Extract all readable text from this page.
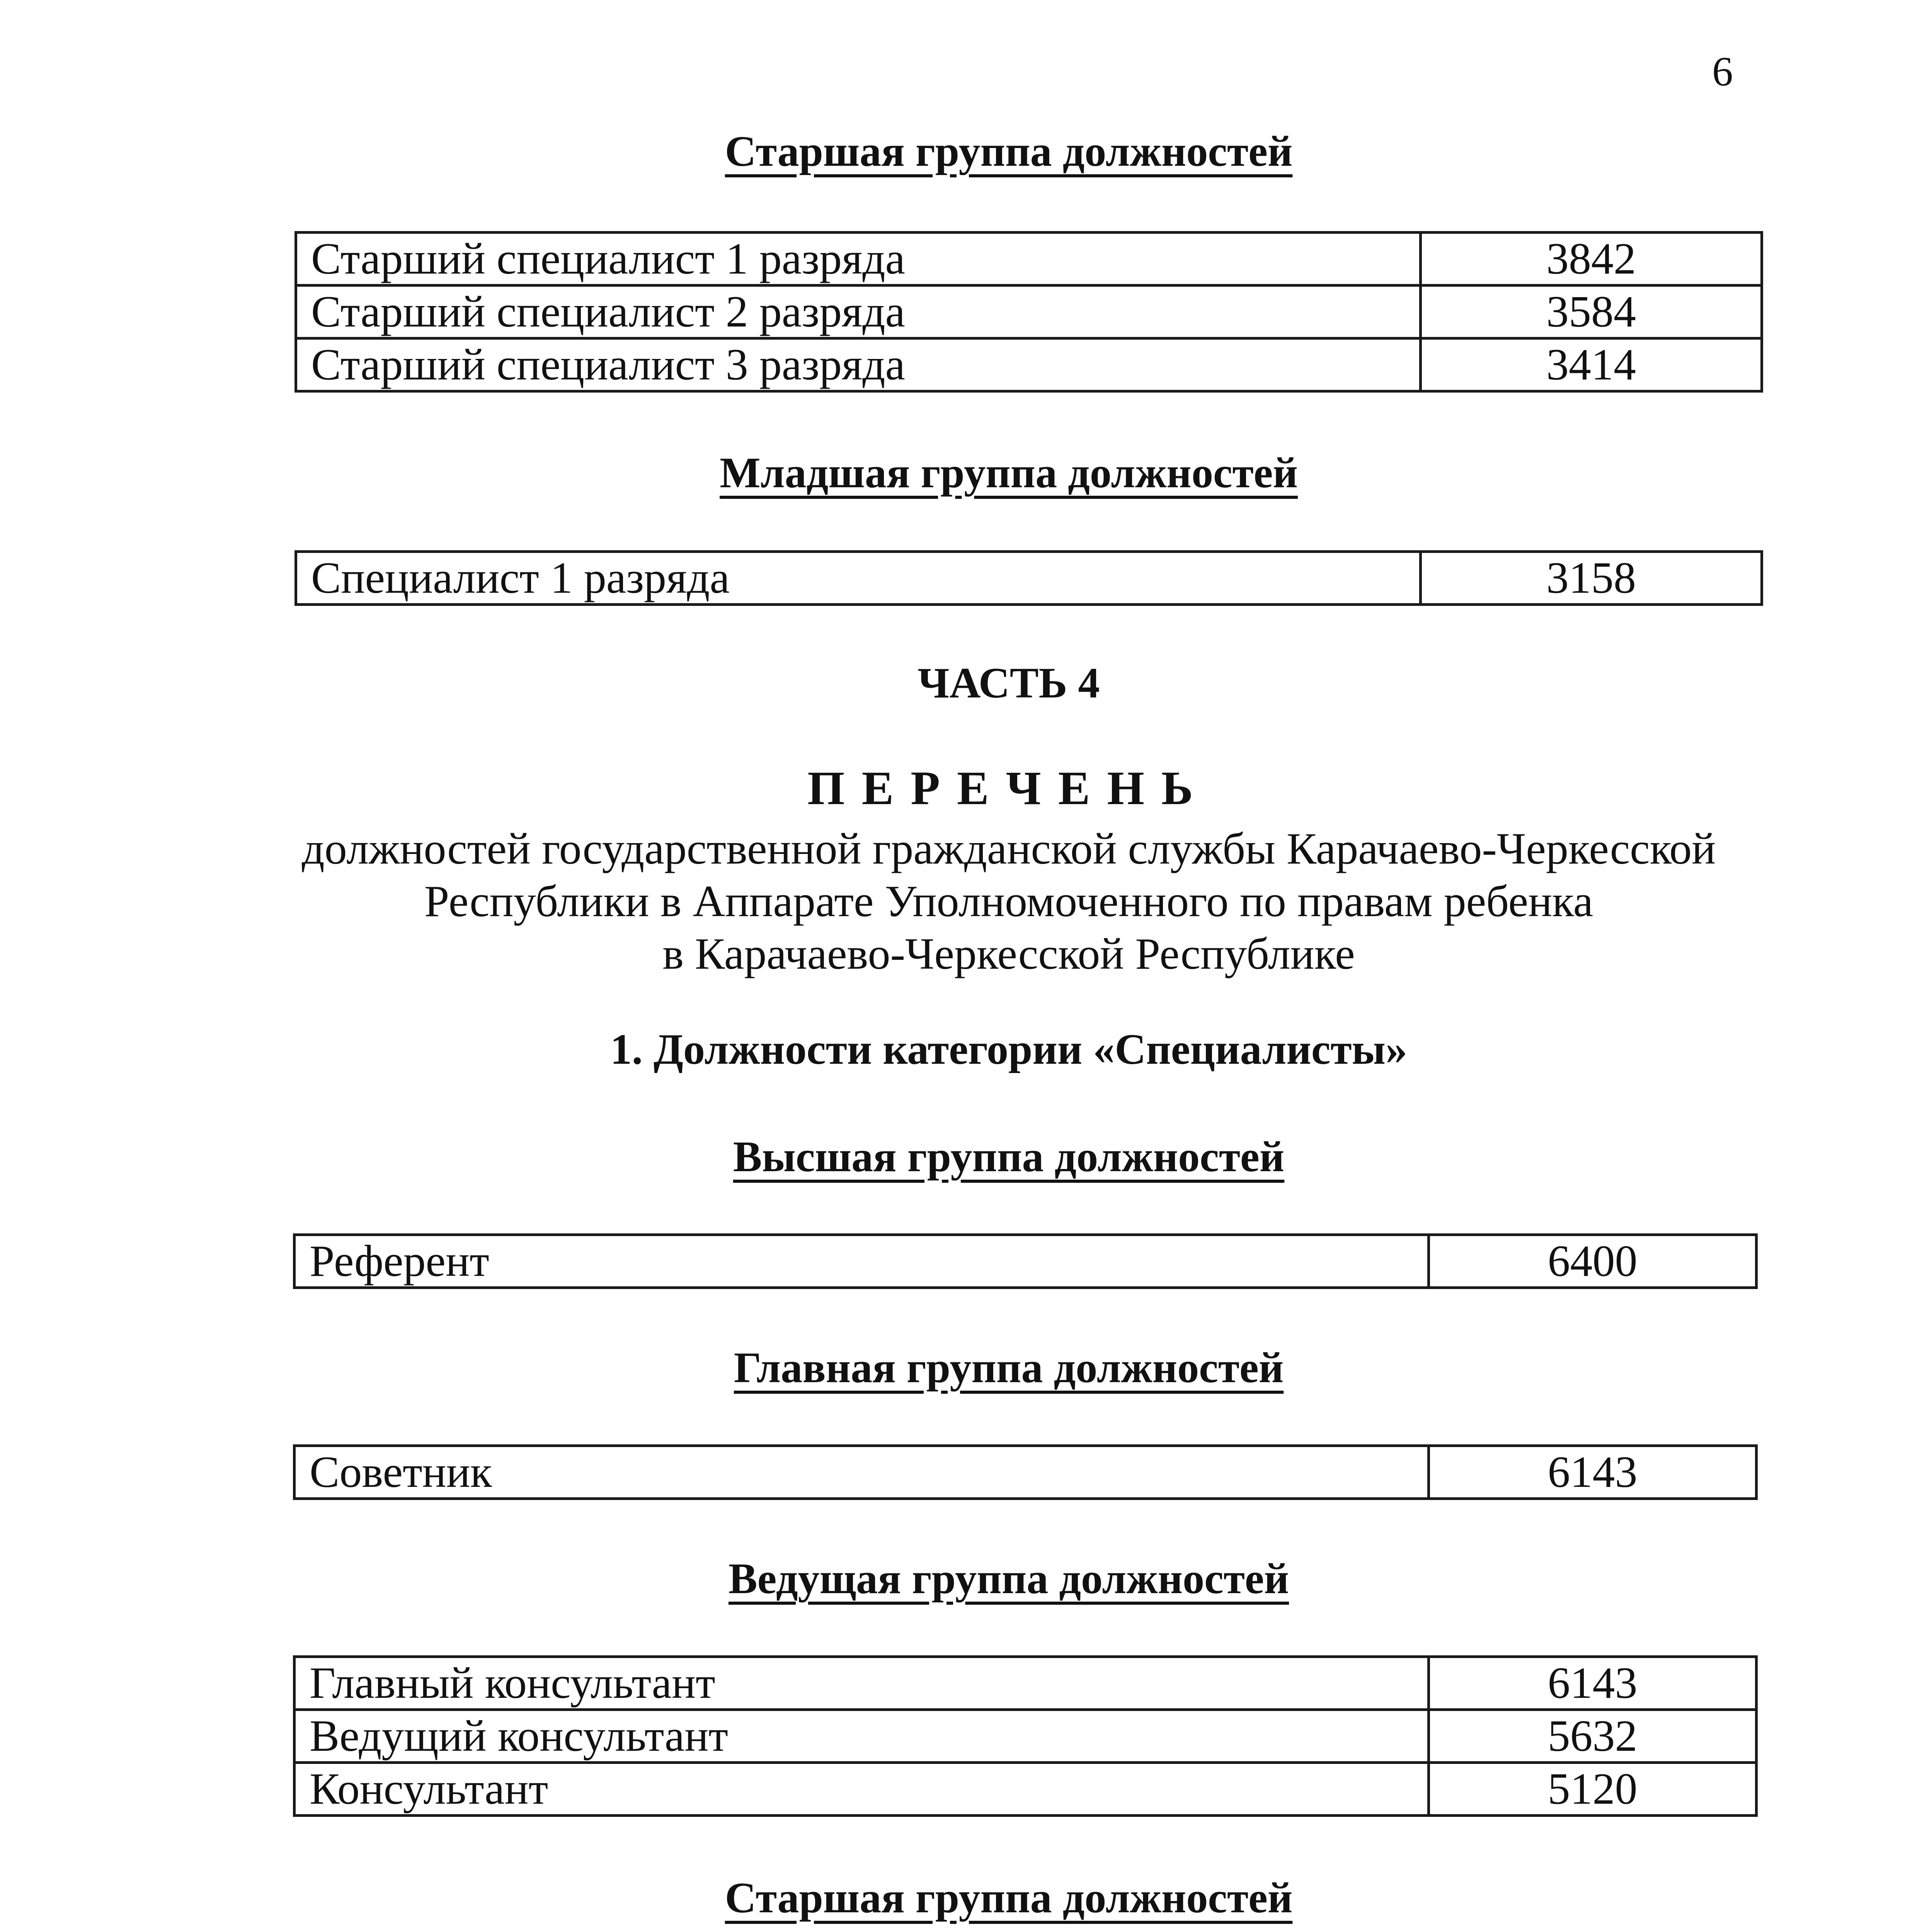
6
Старшая группа должностей
Старший специалист 1 разряда	3842
Старший специалист 2 разряда	3584
Старший специалист 3 разряда	3414
Младшая группа должностей
Специалист 1 разряда	3158
ЧАСТЬ 4
ПЕРЕЧЕНЬ
должностей государственной гражданской службы Карачаево-Черкесской
Республики в Аппарате Уполномоченного по правам ребенка
в Карачаево-Черкесской Республике
1. Должности категории «Специалисты»
Высшая группа должностей
Референт	6400
Главная группа должностей
Советник	6143
Ведущая группа должностей
Главный консультант	6143
Ведущий консультант	5632
Консультант	5120
Старшая группа должностей
